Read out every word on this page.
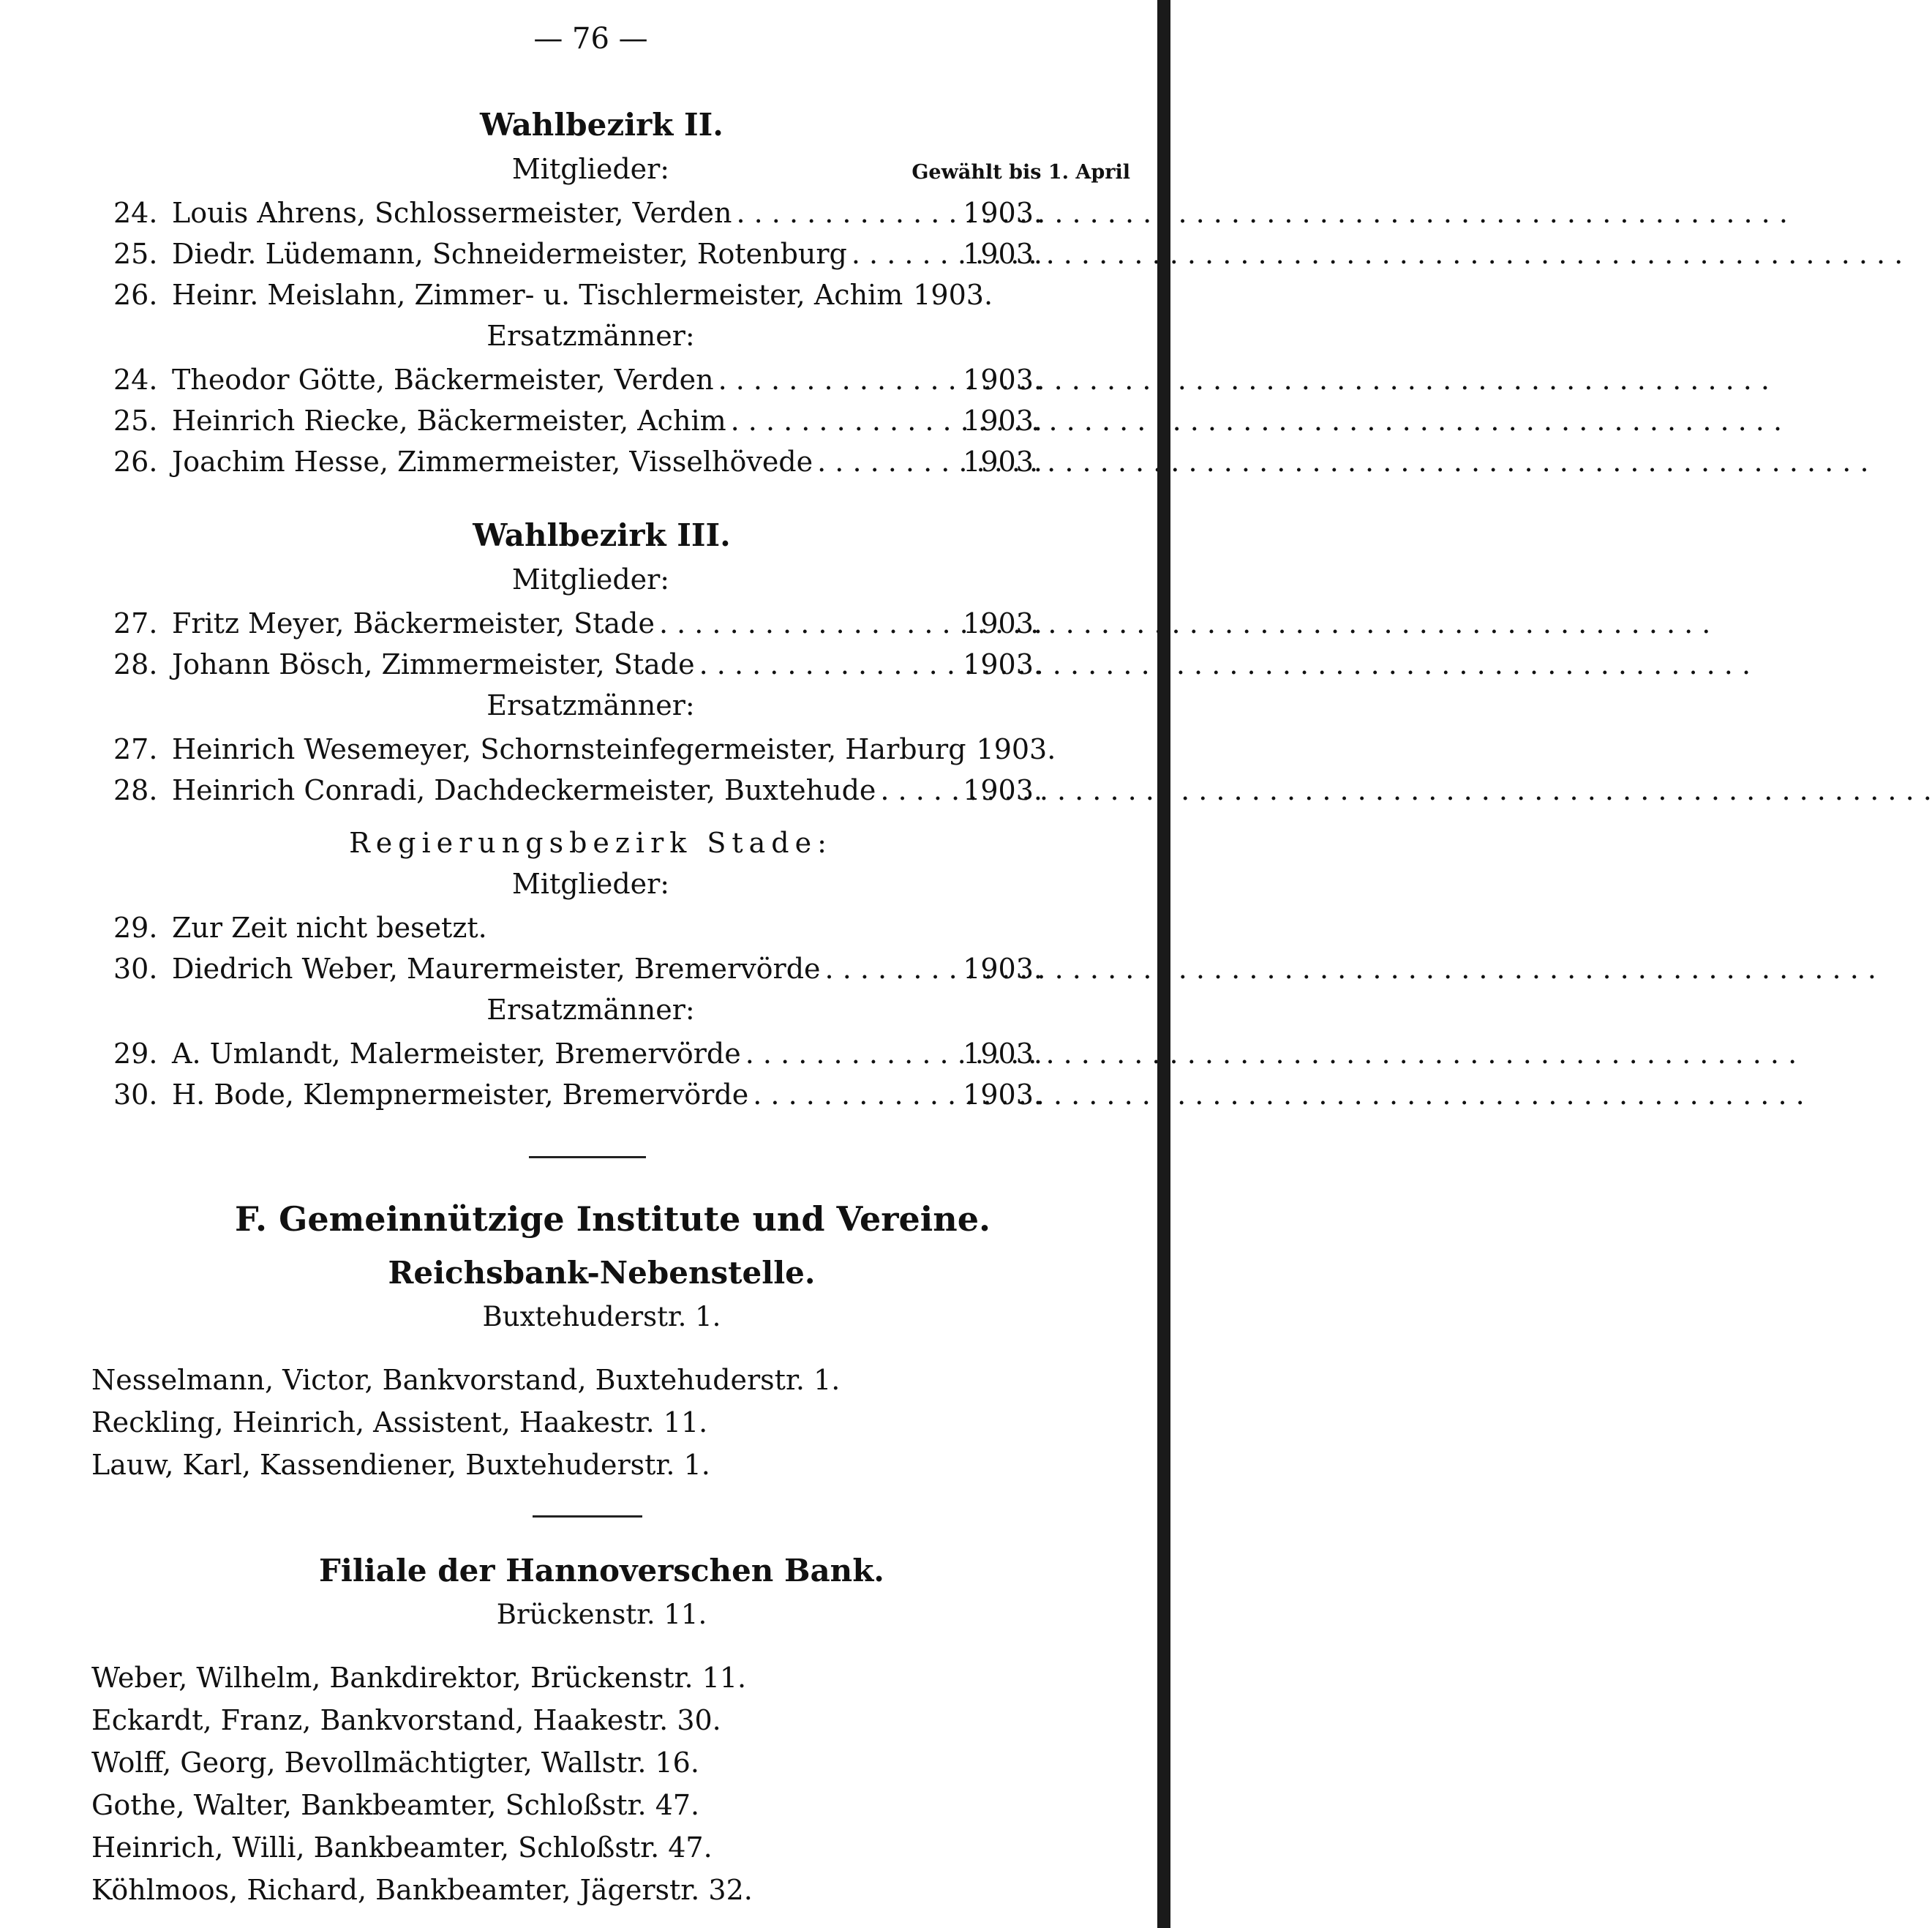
— 76 —
Gewählt bis 1. April
Wahlbezirk II.
Mitglieder:
24. Louis Ahrens, Schlossermeister, Verden . . .	1903.
25. Diedr. Lüdemann, Schneidermeister, Rotenburg . . .	1903.
26. Heinr. Meislahn, Zimmer- u. Tischlermeister, Achim 1903.
Ersatzmänner:
24. Theodor Götte, Bäckermeister, Verden . . .	1903.
25. Heinrich Riecke, Bäckermeister, Achim . . .	1903.
26. Joachim Hesse, Zimmermeister, Visselhövede . . .	1903.
Wahlbezirk III.
Mitglieder:
27. Fritz Meyer, Bäckermeister, Stade . . .	1903.
28. Johann Bösch, Zimmermeister, Stade . . .	1903.
Ersatzmänner:
27. Heinrich Wesemeyer, Schornsteinfegermeister, Harburg 1903.
28. Heinrich Conradi, Dachdeckermeister, Buxtehude . . .	1903.
Regierungsbezirk Stade:
Mitglieder:
29. Zur Zeit nicht besetzt.
30. Diedrich Weber, Maurermeister, Bremervörde . . .	1903.
Ersatzmänner:
29. A. Umlandt, Malermeister, Bremervörde . . .	1903.
30. H. Bode, Klempnermeister, Bremervörde . . .	1903.
F. Gemeinnützige Institute und Vereine.
Reichsbank-Nebenstelle.
Buxtehuderstr. 1.
Nesselmann, Victor, Bankvorstand, Buxtehuderstr. 1.
Reckling, Heinrich, Assistent, Haakestr. 11.
Lauw, Karl, Kassendiener, Buxtehuderstr. 1.
Filiale der Hannoverschen Bank.
Brückenstr. 11.
Weber, Wilhelm, Bankdirektor, Brückenstr. 11.
Eckardt, Franz, Bankvorstand, Haakestr. 30.
Wolff, Georg, Bevollmächtigter, Wallstr. 16.
Gothe, Walter, Bankbeamter, Schloßstr. 47.
Heinrich, Willi, Bankbeamter, Schloßstr. 47.
Köhlmoos, Richard, Bankbeamter, Jägerstr. 32.
